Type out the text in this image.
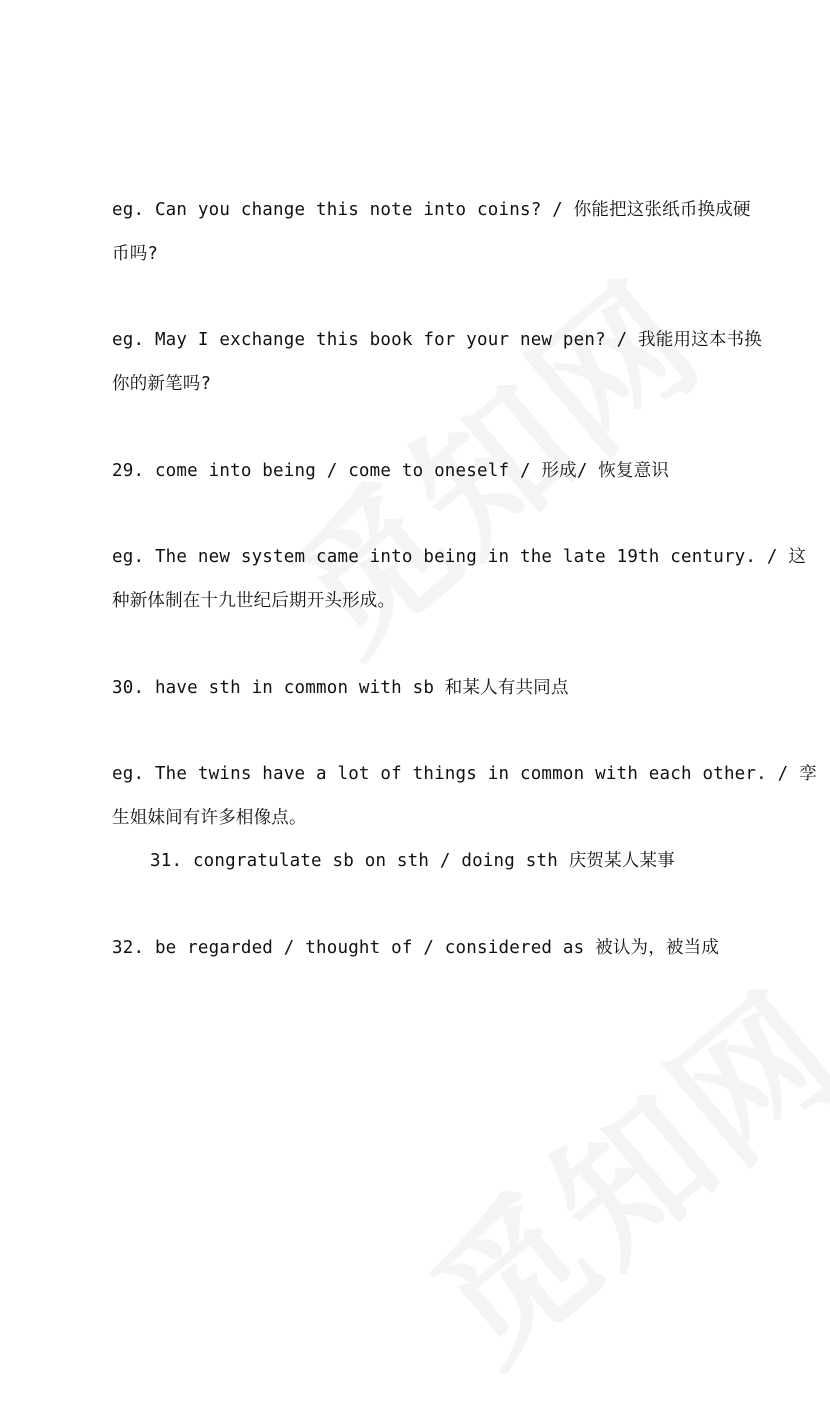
eg. Can you change this note into coins? / 你能把这张纸币换成硬
币吗?
eg. May I exchange this book for your new pen? / 我能用这本书换
你的新笔吗?
29. come into being / come to oneself / 形成/ 恢复意识
eg. The new system came into being in the late 19th century. / 这
种新体制在十九世纪后期开头形成。
30. have sth in common with sb 和某人有共同点
eg. The twins have a lot of things in common with each other. / 孪
生姐妹间有许多相像点。
31. congratulate sb on sth / doing sth 庆贺某人某事
32. be regarded / thought of / considered as 被认为，被当成
